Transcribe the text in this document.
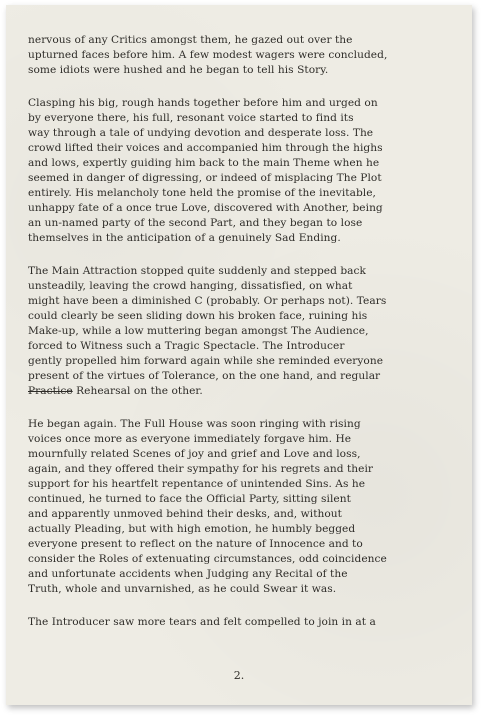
nervous of any Critics amongst them, he gazed out over the
upturned faces before him. A few modest wagers were concluded,
some idiots were hushed and he began to tell his Story.

Clasping his big, rough hands together before him and urged on
by everyone there, his full, resonant voice started to find its
way through a tale of undying devotion and desperate loss. The
crowd lifted their voices and accompanied him through the highs
and lows, expertly guiding him back to the main Theme when he
seemed in danger of digressing, or indeed of misplacing The Plot
entirely. His melancholy tone held the promise of the inevitable,
unhappy fate of a once true Love, discovered with Another, being
an un-named party of the second Part, and they began to lose
themselves in the anticipation of a genuinely Sad Ending.

The Main Attraction stopped quite suddenly and stepped back
unsteadily, leaving the crowd hanging, dissatisfied, on what
might have been a diminished C (probably. Or perhaps not). Tears
could clearly be seen sliding down his broken face, ruining his
Make-up, while a low muttering began amongst The Audience,
forced to Witness such a Tragic Spectacle. The Introducer
gently propelled him forward again while she reminded everyone
present of the virtues of Tolerance, on the one hand, and regular
Practice Rehearsal on the other.

He began again. The Full House was soon ringing with rising
voices once more as everyone immediately forgave him. He
mournfully related Scenes of joy and grief and Love and loss,
again, and they offered their sympathy for his regrets and their
support for his heartfelt repentance of unintended Sins. As he
continued, he turned to face the Official Party, sitting silent
and apparently unmoved behind their desks, and, without
actually Pleading, but with high emotion, he humbly begged
everyone present to reflect on the nature of Innocence and to
consider the Roles of extenuating circumstances, odd coincidence
and unfortunate accidents when Judging any Recital of the
Truth, whole and unvarnished, as he could Swear it was.

The Introducer saw more tears and felt compelled to join in at a

2.
